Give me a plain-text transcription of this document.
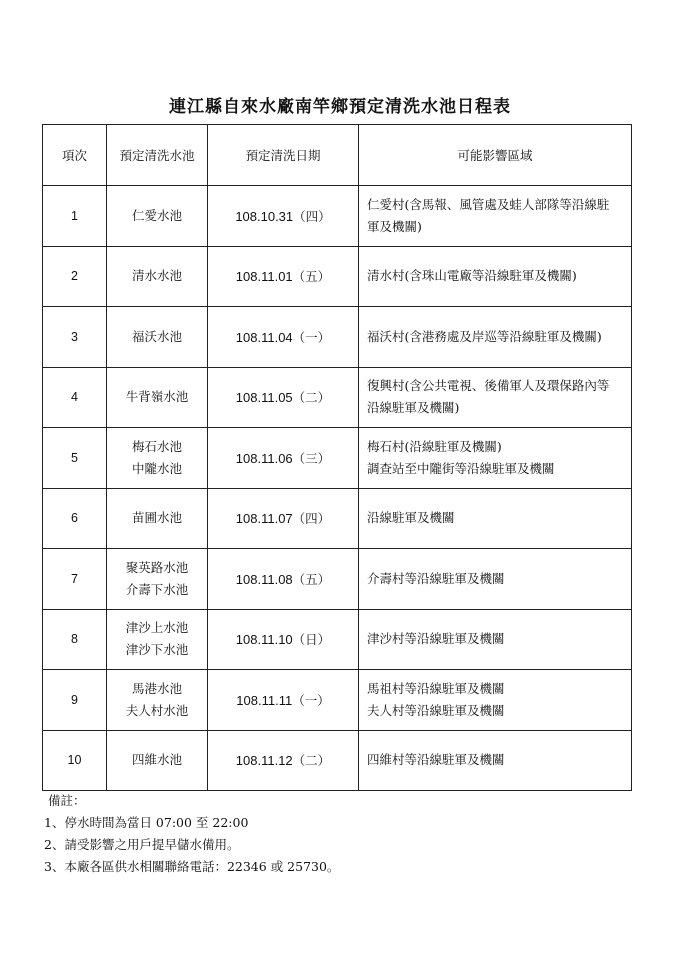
連江縣自來水廠南竿鄉預定清洗水池日程表
項次	預定清洗水池	預定清洗日期	可能影響區域
1	仁愛水池	108.10.31（四）	仁愛村(含馬報、風管處及蛙人部隊等沿線駐
軍及機關)

2	清水水池	108.11.01（五）	清水村(含珠山電廠等沿線駐軍及機關)

3	福沃水池	108.11.04（一）	福沃村(含港務處及岸巡等沿線駐軍及機關)

4	牛背嶺水池	108.11.05（二）	復興村(含公共電視、後備軍人及環保路內等
沿線駐軍及機關)

5	梅石水池
中隴水池	108.11.06（三）	梅石村(沿線駐軍及機關)
調查站至中隴街等沿線駐軍及機關

6	苗圃水池	108.11.07（四）	沿線駐軍及機關

7	聚英路水池
介壽下水池	108.11.08（五）	介壽村等沿線駐軍及機關

8	津沙上水池
津沙下水池	108.11.10（日）	津沙村等沿線駐軍及機關

9	馬港水池
夫人村水池	108.11.11（一）	馬祖村等沿線駐軍及機關
夫人村等沿線駐軍及機關

10	四維水池	108.11.12（二）	四維村等沿線駐軍及機關
備註：
1、停水時間為當日 07:00 至 22:00
2、請受影響之用戶提早儲水備用。
3、本廠各區供水相關聯絡電話：22346 或 25730。
